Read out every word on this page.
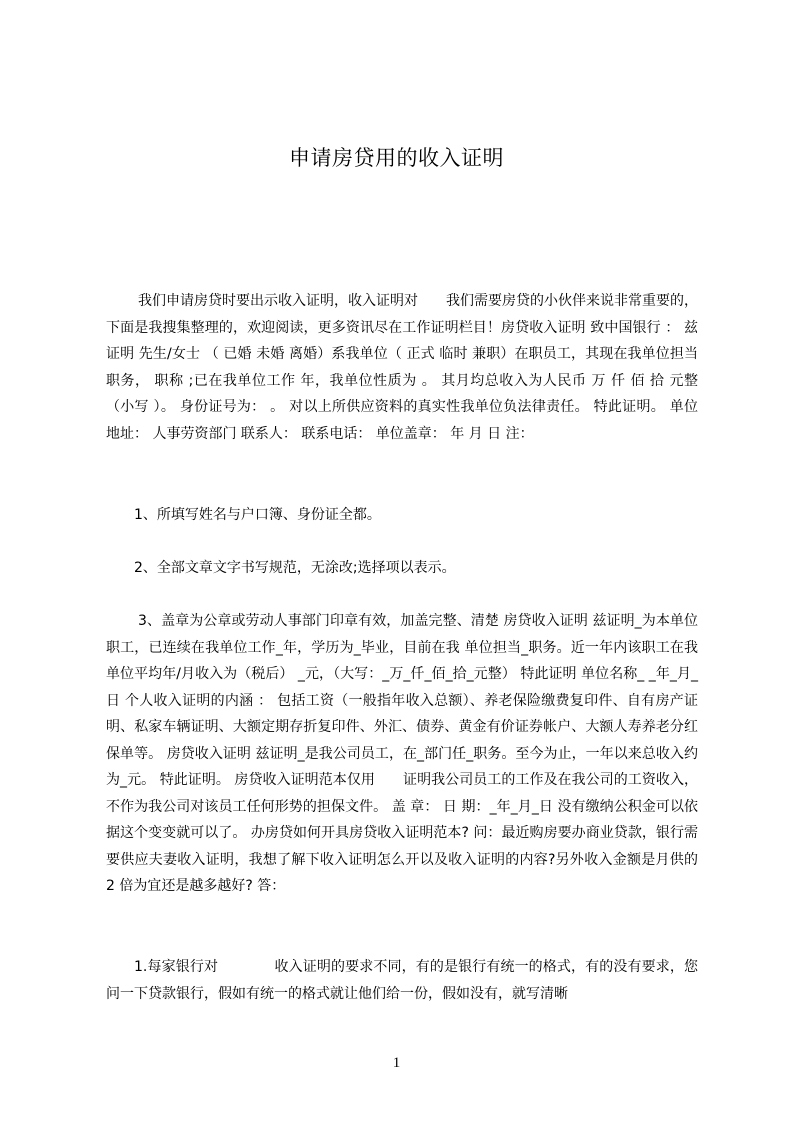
申请房贷用的收入证明

我们申请房贷时要出示收入证明，收入证明对　　我们需要房贷的小伙伴来说非常重要的，下面是我搜集整理的，欢迎阅读，更多资讯尽在工作证明栏目！房贷收入证明 致中国银行 ： 兹证明 先生/女士 （ 已婚 未婚 离婚）系我单位（ 正式 临时 兼职）在职员工，其现在我单位担当 职务， 职称 ;已在我单位工作 年，我单位性质为 。 其月均总收入为人民币 万 仟 佰 拾 元整（小写 ）。 身份证号为： 。 对以上所供应资料的真实性我单位负法律责任。 特此证明。 单位地址： 人事劳资部门 联系人： 联系电话： 单位盖章： 年 月 日 注：

1、所填写姓名与户口簿、身份证全都。

2、全部文章文字书写规范，无涂改;选择项以表示。

3、盖章为公章或劳动人事部门印章有效，加盖完整、清楚 房贷收入证明 兹证明_为本单位职工，已连续在我单位工作_年，学历为_毕业，目前在我 单位担当_职务。近一年内该职工在我单位平均年/月收入为（税后） _元，（大写：_万_仟_佰_拾_元整） 特此证明 单位名称_ _年_月_日 个人收入证明的内涵 ： 包括工资（一般指年收入总额）、养老保险缴费复印件、自有房产证明、私家车辆证明、大额定期存折复印件、外汇、债券、黄金有价证券帐户、大额人寿养老分红保单等。 房贷收入证明 兹证明_是我公司员工，在_部门任_职务。至今为止，一年以来总收入约为_元。 特此证明。 房贷收入证明范本仅用　　证明我公司员工的工作及在我公司的工资收入，不作为我公司对该员工任何形势的担保文件。 盖 章： 日 期：_年_月_日 没有缴纳公积金可以依据这个变变就可以了。 办房贷如何开具房贷收入证明范本? 问：最近购房要办商业贷款，银行需要供应夫妻收入证明，我想了解下收入证明怎么开以及收入证明的内容?另外收入金额是月供的 2 倍为宜还是越多越好? 答：

1.每家银行对　　　　收入证明的要求不同，有的是银行有统一的格式，有的没有要求，您问一下贷款银行，假如有统一的格式就让他们给一份，假如没有，就写清晰

1
